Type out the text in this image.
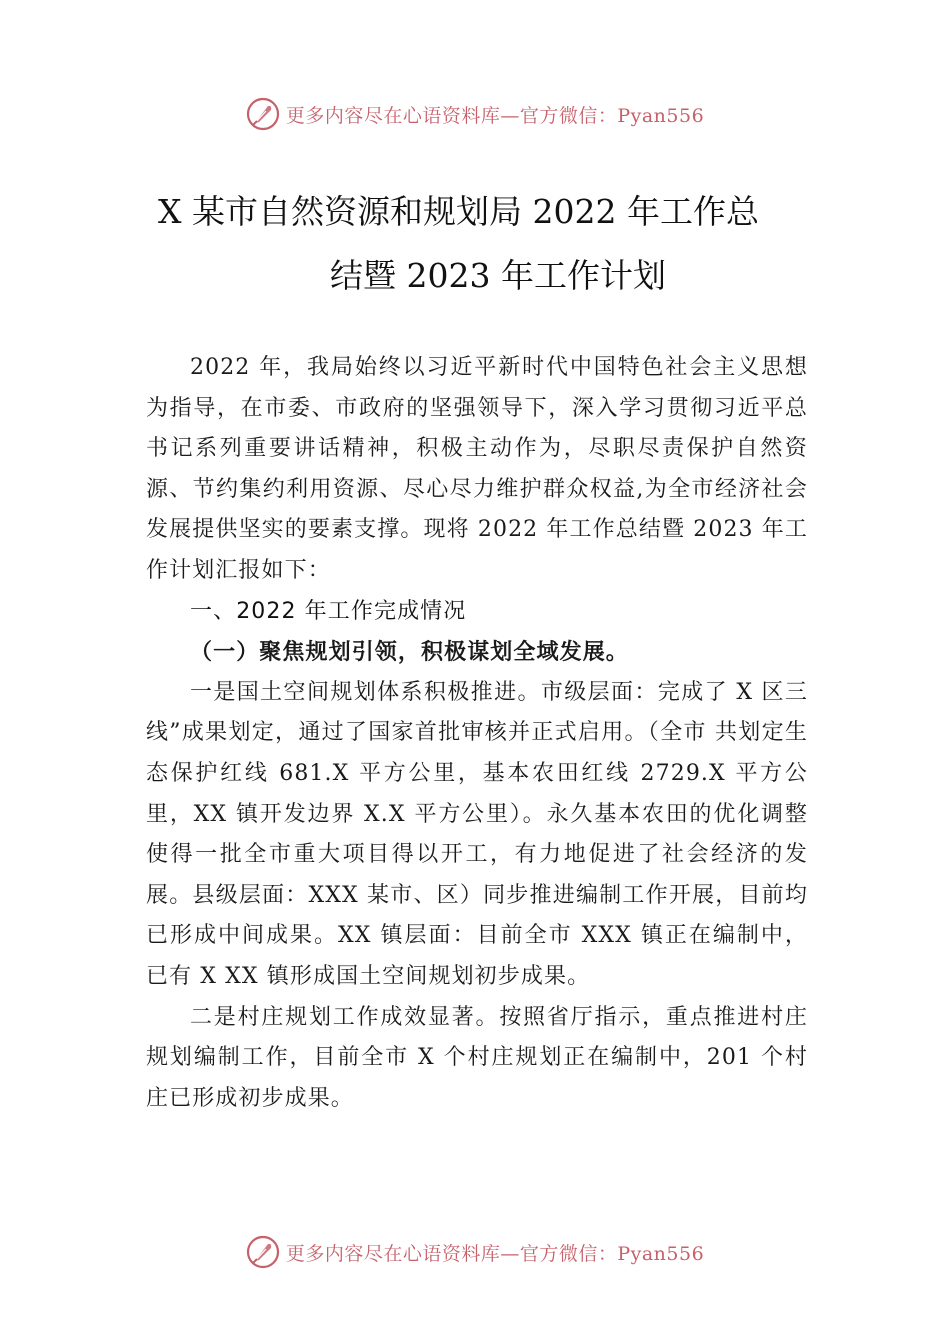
更多内容尽在心语资料库—官方微信：Pyan556
X 某市自然资源和规划局 2022 年工作总
结暨 2023 年工作计划

2022 年，我局始终以习近平新时代中国特色社会主义思想为指导，在市委、市政府的坚强领导下，深入学习贯彻习近平总书记系列重要讲话精神，积极主动作为，尽职尽责保护自然资源、节约集约利用资源、尽心尽力维护群众权益,为全市经济社会发展提供坚实的要素支撑。现将 2022 年工作总结暨 2023 年工作计划汇报如下：

一、2022 年工作完成情况

（一）聚焦规划引领，积极谋划全域发展。

一是国土空间规划体系积极推进。市级层面：完成了 X 区三线”成果划定，通过了国家首批审核并正式启用。（全市 共划定生态保护红线 681.X 平方公里，基本农田红线 2729.X 平方公里，XX 镇开发边界 X.X 平方公里）。永久基本农田的优化调整使得一批全市重大项目得以开工，有力地促进了社会经济的发展。县级层面：XXX 某市、区）同步推进编制工作开展，目前均已形成中间成果。XX 镇层面：目前全市 XXX 镇正在编制中，已有 X XX 镇形成国土空间规划初步成果。

二是村庄规划工作成效显著。按照省厅指示，重点推进村庄规划编制工作，目前全市 X 个村庄规划正在编制中，201 个村庄已形成初步成果。

更多内容尽在心语资料库—官方微信：Pyan556
